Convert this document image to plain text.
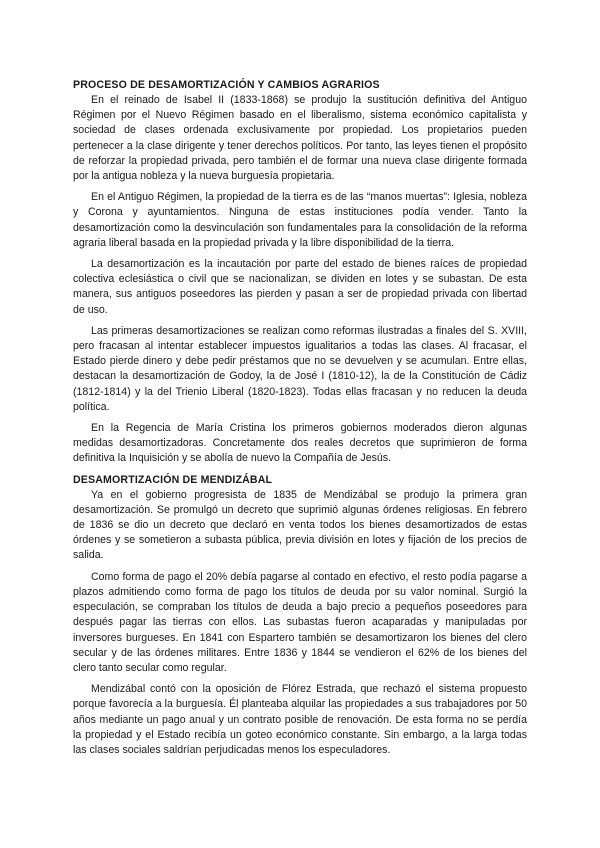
PROCESO DE DESAMORTIZACIÓN Y CAMBIOS AGRARIOS

En el reinado de Isabel II (1833-1868) se produjo la sustitución definitiva del Antiguo Régimen por el Nuevo Régimen basado en el liberalismo, sistema económico capitalista y sociedad de clases ordenada exclusivamente por propiedad. Los propietarios pueden pertenecer a la clase dirigente y tener derechos políticos. Por tanto, las leyes tienen el propósito de reforzar la propiedad privada, pero también el de formar una nueva clase dirigente formada por la antigua nobleza y la nueva burguesía propietaria.

En el Antiguo Régimen, la propiedad de la tierra es de las “manos muertas”: Iglesia, nobleza y Corona y ayuntamientos. Ninguna de estas instituciones podía vender. Tanto la desamortización como la desvinculación son fundamentales para la consolidación de la reforma agraria liberal basada en la propiedad privada y la libre disponibilidad de la tierra.

La desamortización es la incautación por parte del estado de bienes raíces de propiedad colectiva eclesiástica o civil que se nacionalizan, se dividen en lotes y se subastan. De esta manera, sus antiguos poseedores las pierden y pasan a ser de propiedad privada con libertad de uso.

Las primeras desamortizaciones se realizan como reformas ilustradas a finales del S. XVIII, pero fracasan al intentar establecer impuestos igualitarios a todas las clases. Al fracasar, el Estado pierde dinero y debe pedir préstamos que no se devuelven y se acumulan. Entre ellas, destacan la desamortización de Godoy, la de José I (1810-12), la de la Constitución de Cádiz (1812-1814) y la del Trienio Liberal (1820-1823). Todas ellas fracasan y no reducen la deuda política.

En la Regencia de María Cristina los primeros gobiernos moderados dieron algunas medidas desamortizadoras. Concretamente dos reales decretos que suprimieron de forma definitiva la Inquisición y se abolía de nuevo la Compañía de Jesús.

DESAMORTIZACIÓN DE MENDIZÁBAL

Ya en el gobierno progresista de 1835 de Mendizábal se produjo la primera gran desamortización. Se promulgó un decreto que suprimió algunas órdenes religiosas. En febrero de 1836 se dio un decreto que declaró en venta todos los bienes desamortizados de estas órdenes y se sometieron a subasta pública, previa división en lotes y fijación de los precios de salida.

Como forma de pago el 20% debía pagarse al contado en efectivo, el resto podía pagarse a plazos admitiendo como forma de pago los títulos de deuda por su valor nominal. Surgió la especulación, se compraban los títulos de deuda a bajo precio a pequeños poseedores para después pagar las tierras con ellos. Las subastas fueron acaparadas y manipuladas por inversores burgueses. En 1841 con Espartero también se desamortizaron los bienes del clero secular y de las órdenes militares. Entre 1836 y 1844 se vendieron el 62% de los bienes del clero tanto secular como regular.

Mendizábal contó con la oposición de Flórez Estrada, que rechazó el sistema propuesto porque favorecía a la burguesía. Él planteaba alquilar las propiedades a sus trabajadores por 50 años mediante un pago anual y un contrato posible de renovación. De esta forma no se perdía la propiedad y el Estado recibía un goteo económico constante. Sin embargo, a la larga todas las clases sociales saldrían perjudicadas menos los especuladores.
